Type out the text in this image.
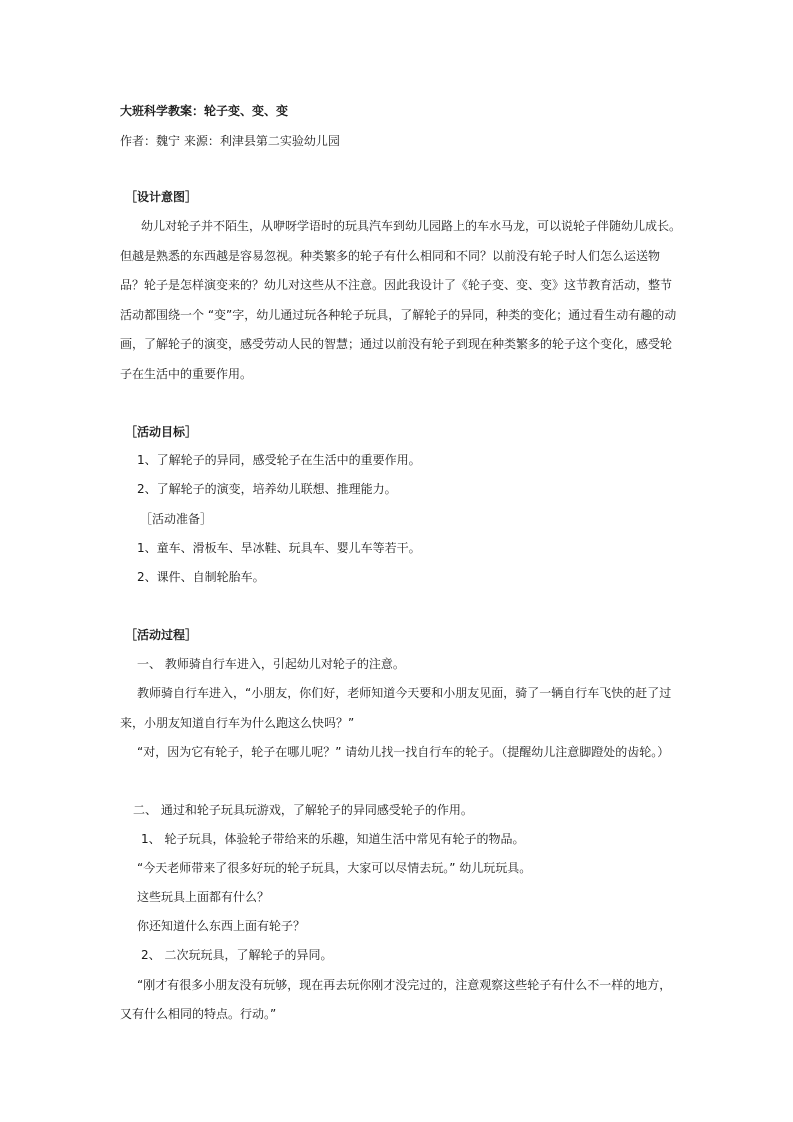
大班科学教案：轮子变、变、变

作者：魏宁 来源：利津县第二实验幼儿园

［设计意图］

幼儿对轮子并不陌生，从咿呀学语时的玩具汽车到幼儿园路上的车水马龙，可以说轮子伴随幼儿成长。

但越是熟悉的东西越是容易忽视。种类繁多的轮子有什么相同和不同？以前没有轮子时人们怎么运送物

品？轮子是怎样演变来的？幼儿对这些从不注意。因此我设计了《轮子变、变、变》这节教育活动，整节

活动都围绕一个 “变”字，幼儿通过玩各种轮子玩具，了解轮子的异同，种类的变化；通过看生动有趣的动

画，了解轮子的演变，感受劳动人民的智慧；通过以前没有轮子到现在种类繁多的轮子这个变化，感受轮

子在生活中的重要作用。

［活动目标］

1、了解轮子的异同，感受轮子在生活中的重要作用。

2、了解轮子的演变，培养幼儿联想、推理能力。

［活动准备］

1、童车、滑板车、旱冰鞋、玩具车、婴儿车等若干。

2、课件、自制轮胎车。

［活动过程］

一、 教师骑自行车进入，引起幼儿对轮子的注意。

教师骑自行车进入，“小朋友，你们好，老师知道今天要和小朋友见面，骑了一辆自行车飞快的赶了过

来，小朋友知道自行车为什么跑这么快吗？”

“对，因为它有轮子，轮子在哪儿呢？” 请幼儿找一找自行车的轮子。（提醒幼儿注意脚蹬处的齿轮。）

二、 通过和轮子玩具玩游戏，了解轮子的异同感受轮子的作用。

1、 轮子玩具，体验轮子带给来的乐趣，知道生活中常见有轮子的物品。

“今天老师带来了很多好玩的轮子玩具，大家可以尽情去玩。” 幼儿玩玩具。

这些玩具上面都有什么？

你还知道什么东西上面有轮子？

2、 二次玩玩具，了解轮子的异同。

“刚才有很多小朋友没有玩够，现在再去玩你刚才没完过的，注意观察这些轮子有什么不一样的地方，

又有什么相同的特点。行动。”
